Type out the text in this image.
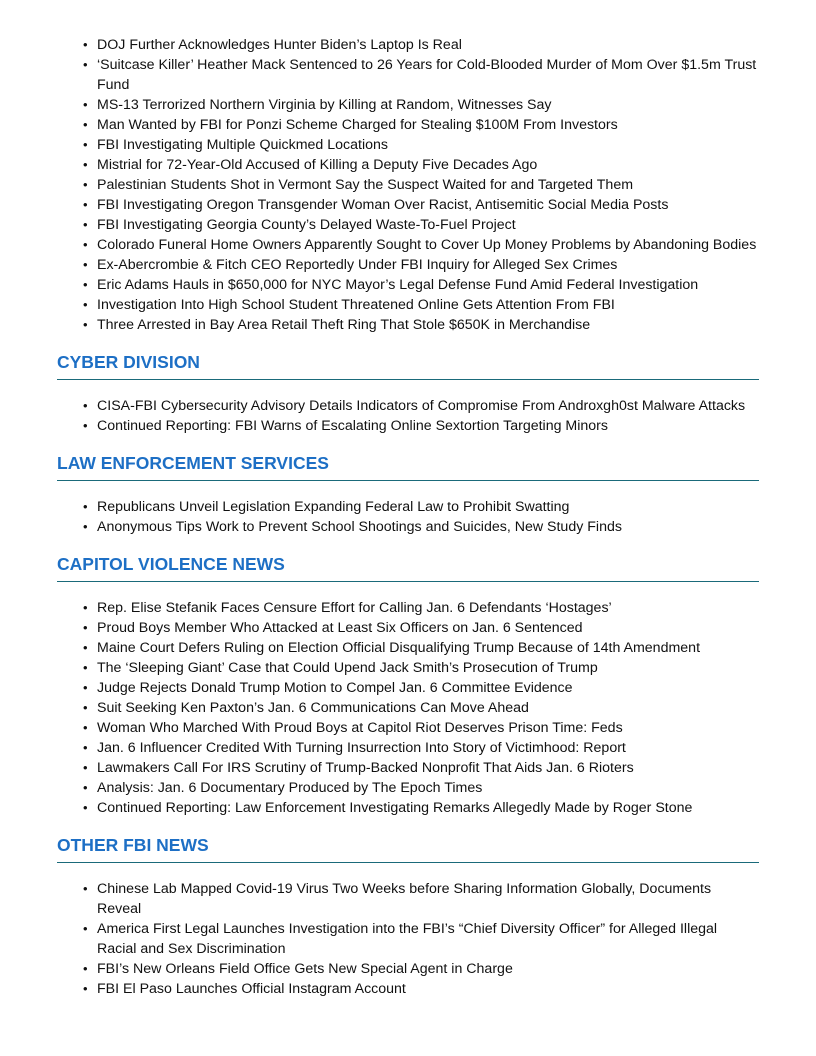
• DOJ Further Acknowledges Hunter Biden’s Laptop Is Real
• ‘Suitcase Killer’ Heather Mack Sentenced to 26 Years for Cold-Blooded Murder of Mom Over $1.5m Trust Fund
• MS-13 Terrorized Northern Virginia by Killing at Random, Witnesses Say
• Man Wanted by FBI for Ponzi Scheme Charged for Stealing $100M From Investors
• FBI Investigating Multiple Quickmed Locations
• Mistrial for 72-Year-Old Accused of Killing a Deputy Five Decades Ago
• Palestinian Students Shot in Vermont Say the Suspect Waited for and Targeted Them
• FBI Investigating Oregon Transgender Woman Over Racist, Antisemitic Social Media Posts
• FBI Investigating Georgia County’s Delayed Waste-To-Fuel Project
• Colorado Funeral Home Owners Apparently Sought to Cover Up Money Problems by Abandoning Bodies
• Ex-Abercrombie & Fitch CEO Reportedly Under FBI Inquiry for Alleged Sex Crimes
• Eric Adams Hauls in $650,000 for NYC Mayor’s Legal Defense Fund Amid Federal Investigation
• Investigation Into High School Student Threatened Online Gets Attention From FBI
• Three Arrested in Bay Area Retail Theft Ring That Stole $650K in Merchandise
CYBER DIVISION
• CISA-FBI Cybersecurity Advisory Details Indicators of Compromise From Androxgh0st Malware Attacks
• Continued Reporting: FBI Warns of Escalating Online Sextortion Targeting Minors
LAW ENFORCEMENT SERVICES
• Republicans Unveil Legislation Expanding Federal Law to Prohibit Swatting
• Anonymous Tips Work to Prevent School Shootings and Suicides, New Study Finds
CAPITOL VIOLENCE NEWS
• Rep. Elise Stefanik Faces Censure Effort for Calling Jan. 6 Defendants ‘Hostages’
• Proud Boys Member Who Attacked at Least Six Officers on Jan. 6 Sentenced
• Maine Court Defers Ruling on Election Official Disqualifying Trump Because of 14th Amendment
• The ‘Sleeping Giant’ Case that Could Upend Jack Smith’s Prosecution of Trump
• Judge Rejects Donald Trump Motion to Compel Jan. 6 Committee Evidence
• Suit Seeking Ken Paxton’s Jan. 6 Communications Can Move Ahead
• Woman Who Marched With Proud Boys at Capitol Riot Deserves Prison Time: Feds
• Jan. 6 Influencer Credited With Turning Insurrection Into Story of Victimhood: Report
• Lawmakers Call For IRS Scrutiny of Trump-Backed Nonprofit That Aids Jan. 6 Rioters
• Analysis: Jan. 6 Documentary Produced by The Epoch Times
• Continued Reporting: Law Enforcement Investigating Remarks Allegedly Made by Roger Stone
OTHER FBI NEWS
• Chinese Lab Mapped Covid-19 Virus Two Weeks before Sharing Information Globally, Documents Reveal
• America First Legal Launches Investigation into the FBI’s “Chief Diversity Officer” for Alleged Illegal Racial and Sex Discrimination
• FBI’s New Orleans Field Office Gets New Special Agent in Charge
• FBI El Paso Launches Official Instagram Account
